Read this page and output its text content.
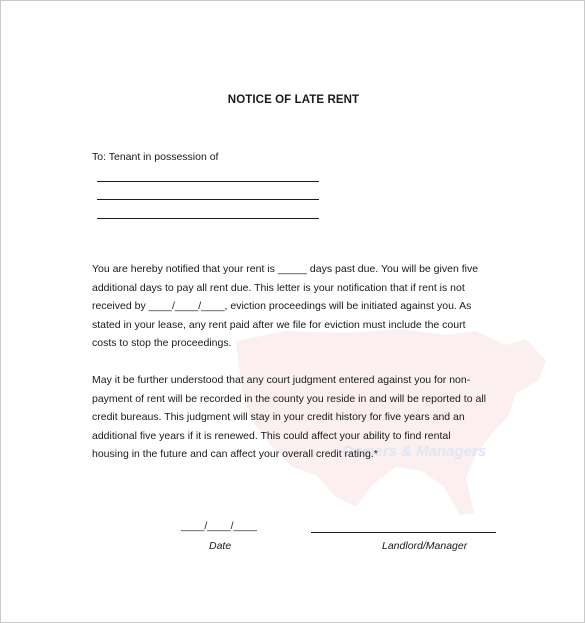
Owners & Managers
NOTICE OF LATE RENT
To: Tenant in possession of
You are hereby notified that your rent is _____ days past due. You will be given five
additional days to pay all rent due. This letter is your notification that if rent is not
received by ____/____/____, eviction proceedings will be initiated against you. As
stated in your lease, any rent paid after we file for eviction must include the court
costs to stop the proceedings.
May it be further understood that any court judgment entered against you for non-
payment of rent will be recorded in the county you reside in and will be reported to all
credit bureaus. This judgment will stay in your credit history for five years and an
additional five years if it is renewed. This could affect your ability to find rental
housing in the future and can affect your overall credit rating.*
____/____/____
Date	Landlord/Manager
